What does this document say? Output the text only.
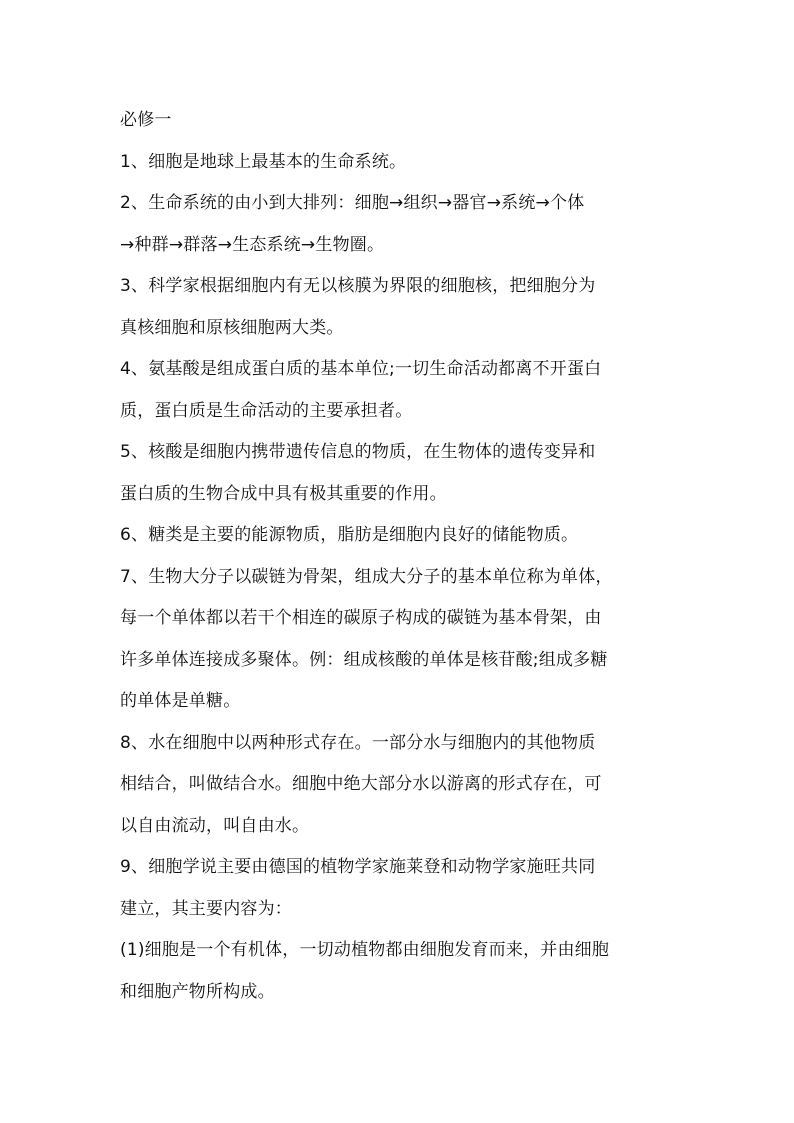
必修一
1、细胞是地球上最基本的生命系统。
2、生命系统的由小到大排列：细胞→组织→器官→系统→个体
→种群→群落→生态系统→生物圈。
3、科学家根据细胞内有无以核膜为界限的细胞核，把细胞分为
真核细胞和原核细胞两大类。
4、氨基酸是组成蛋白质的基本单位;一切生命活动都离不开蛋白
质，蛋白质是生命活动的主要承担者。
5、核酸是细胞内携带遗传信息的物质，在生物体的遗传变异和
蛋白质的生物合成中具有极其重要的作用。
6、糖类是主要的能源物质，脂肪是细胞内良好的储能物质。
7、生物大分子以碳链为骨架，组成大分子的基本单位称为单体，
每一个单体都以若干个相连的碳原子构成的碳链为基本骨架，由
许多单体连接成多聚体。例：组成核酸的单体是核苷酸;组成多糖
的单体是单糖。
8、水在细胞中以两种形式存在。一部分水与细胞内的其他物质
相结合，叫做结合水。细胞中绝大部分水以游离的形式存在，可
以自由流动，叫自由水。
9、细胞学说主要由德国的植物学家施莱登和动物学家施旺共同
建立，其主要内容为：
(1)细胞是一个有机体，一切动植物都由细胞发育而来，并由细胞
和细胞产物所构成。
